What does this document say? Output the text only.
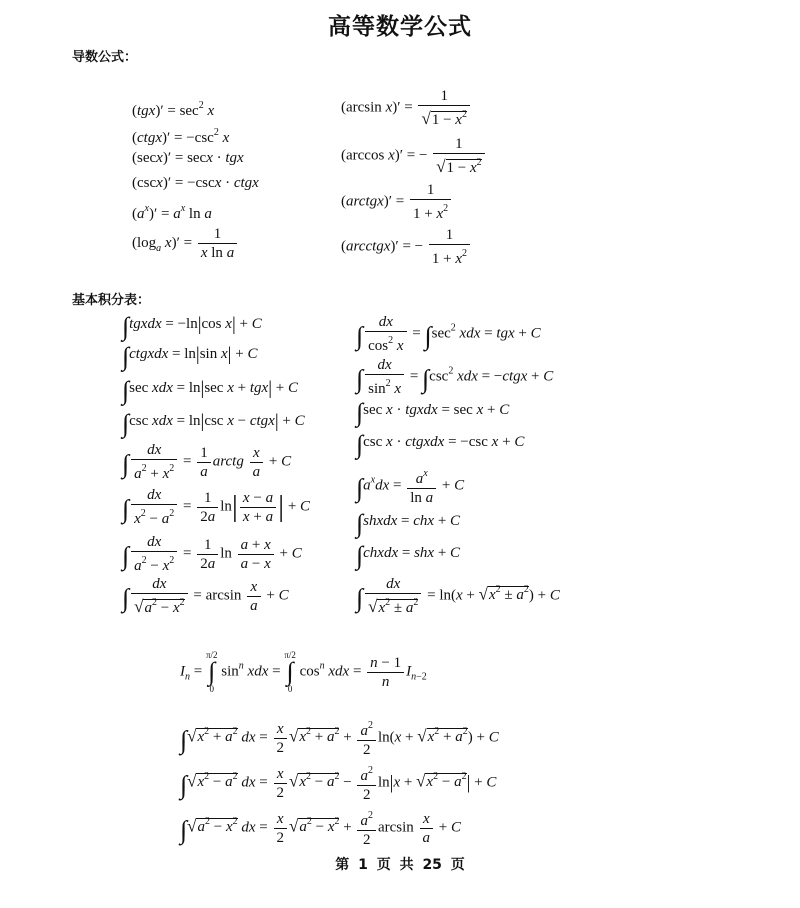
高等数学公式
导数公式：
$(tgx)' = \sec^2 x$
(ctgx)′ = $-\csc^2$ x
(secx)′ = secx · tgx
(cscx)′ = −cscx · ctgx
$(a^x)' = a^x$ ln a
($\log_a$ $x)' = \frac{1}{\text{x ln a}}$
(arcsin $x)' = \frac{1}{√1 - x^2}$
(arccos x)′ = − $\frac{1}{√1 - x^2}$
(arctgx)′ = $\frac{1}{1 + x^2}$
(arcctgx)′ = − $\frac{1}{1 + x^2}$
基本积分表：
∫tgxdx = −ln|cos x| + C
∫ctgxdx = ln|sin x| + C
∫sec xdx = ln|sec x + tgx| + C
∫csc xdx = ln|csc x − ctgx| + C
∫ $\frac{dx}{a^2 + x^2} = \frac{1}{a}$ arctg $\frac{x}{a} + C$
∫ $\frac{dx}{x^2 - a^2} = \frac{1}{2a} \ln| \frac{x - a}{x + a}$ | + C
∫ $\frac{dx}{a^2 - x^2} = \frac{1}{2a}$ $\ln \frac{a + x}{a - x} + C$
∫ $\frac{dx}{√a^2 - x^2} = \arcsin \frac{x}{a} + C$
∫ $\frac{dx}{\cos^2 x} = \int\sec^2$ xdx = tgx + C
∫ $\frac{dx}{\sin^2 x} = \int\csc^2$ xdx = −ctgx + C
∫sec x · tgxdx = sec x + C
∫csc x · ctgxdx = −csc x + C
$\int a^xdx = \frac{a^x}{\text{ln a}} + C$
∫shxdx = chx + C
∫chxdx = shx + C
∫ $\frac{dx}{√x^2 \pm a^2} = \ln(x + √x^2 \pm a^2) + C$
$I_n$ =
π/2
∫
0
$\sin^n$ xdx =
π/2
∫
0
$\cos^n$ xdx = $\frac{n - 1}{n} I_{n-2}$
$\int√x^2 + a^2$ dx = $\frac{x}{2} √x^2 + a^2 + \frac{a^2}{2} \ln(x + √x^2 + a^2) + C$
$\int√x^2 - a^2$ dx = $\frac{x}{2} √x^2 - a^2 - \frac{a^2}{2} \ln|x + √x^2 - a^2| + C$
$\int√a^2 - x^2$ dx = $\frac{x}{2} √a^2 - x^2 + \frac{a^2}{2}$ $\arcsin \frac{x}{a} + C$
第 1 页 共 25 页
